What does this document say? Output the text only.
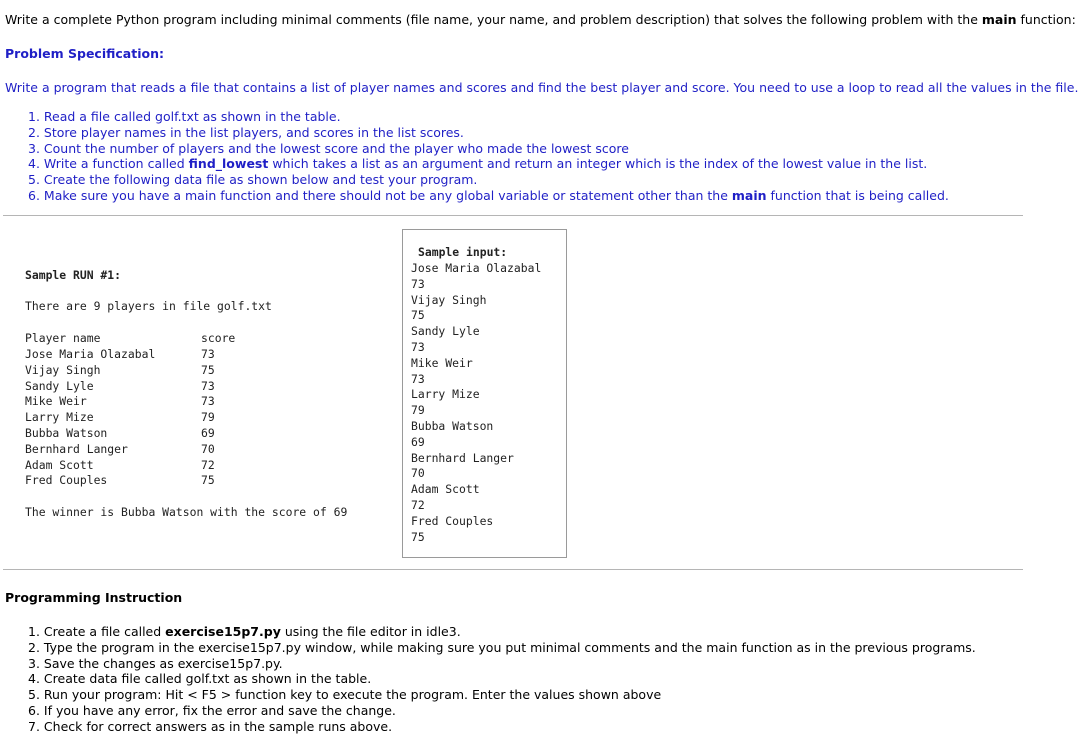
Write a complete Python program including minimal comments (file name, your name, and problem description) that solves the following problem with the main function:
Problem Specification:
Write a program that reads a file that contains a list of player names and scores and find the best player and score. You need to use a loop to read all the values in the file.
1. Read a file called golf.txt as shown in the table.
2. Store player names in the list players, and scores in the list scores.
3. Count the number of players and the lowest score and the player who made the lowest score
4. Write a function called find_lowest which takes a list as an argument and return an integer which is the index of the lowest value in the list.
5. Create the following data file as shown below and test your program.
6. Make sure you have a main function and there should not be any global variable or statement other than the main function that is being called.
Sample RUN #1:
There are 9 players in file golf.txt
Player name	score
Jose Maria Olazabal	73
Vijay Singh	75
Sandy Lyle	73
Mike Weir	73
Larry Mize	79
Bubba Watson	69
Bernhard Langer	70
Adam Scott	72
Fred Couples	75
The winner is Bubba Watson with the score of 69
Sample input:
Jose Maria Olazabal
73
Vijay Singh
75
Sandy Lyle
73
Mike Weir
73
Larry Mize
79
Bubba Watson
69
Bernhard Langer
70
Adam Scott
72
Fred Couples
75
Programming Instruction
1. Create a file called exercise15p7.py using the file editor in idle3.
2. Type the program in the exercise15p7.py window, while making sure you put minimal comments and the main function as in the previous programs.
3. Save the changes as exercise15p7.py.
4. Create data file called golf.txt as shown in the table.
5. Run your program: Hit < F5 > function key to execute the program. Enter the values shown above
6. If you have any error, fix the error and save the change.
7. Check for correct answers as in the sample runs above.
